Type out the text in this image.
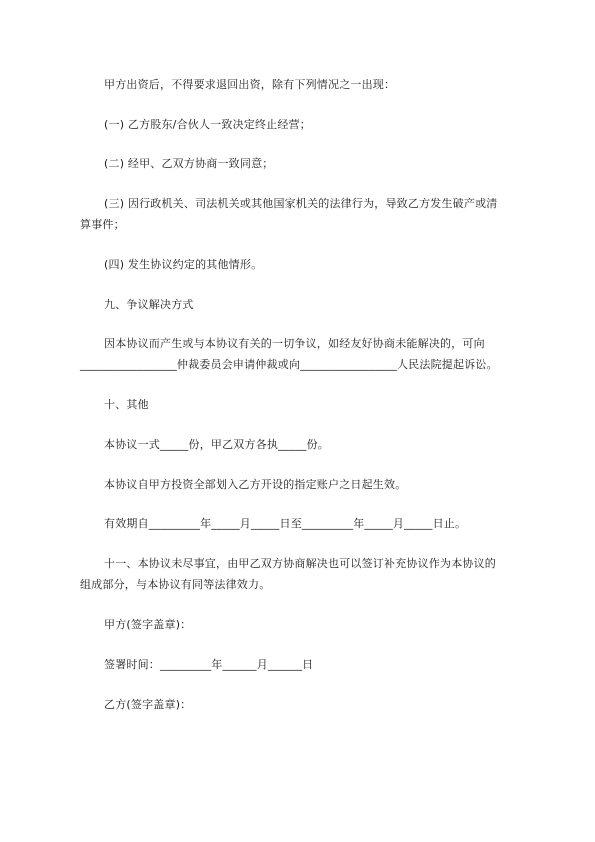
甲方出资后，不得要求退回出资，除有下列情况之一出现：
(一) 乙方股东/合伙人一致决定终止经营；
(二) 经甲、乙双方协商一致同意；
(三) 因行政机关、司法机关或其他国家机关的法律行为，导致乙方发生破产或清
算事件；
(四) 发生协议约定的其他情形。
九、争议解决方式
因本协议而产生或与本协议有关的一切争议，如经友好协商未能解决的，可向
_________________仲裁委员会申请仲裁或向_________________人民法院提起诉讼。
十、其他
本协议一式_____份，甲乙双方各执_____份。
本协议自甲方投资全部划入乙方开设的指定账户之日起生效。
有效期自_________年_____月_____日至_________年_____月_____日止。
十一、本协议未尽事宜，由甲乙双方协商解决也可以签订补充协议作为本协议的
组成部分，与本协议有同等法律效力。
甲方(签字盖章)：
签署时间：_________年______月______日
乙方(签字盖章)：
